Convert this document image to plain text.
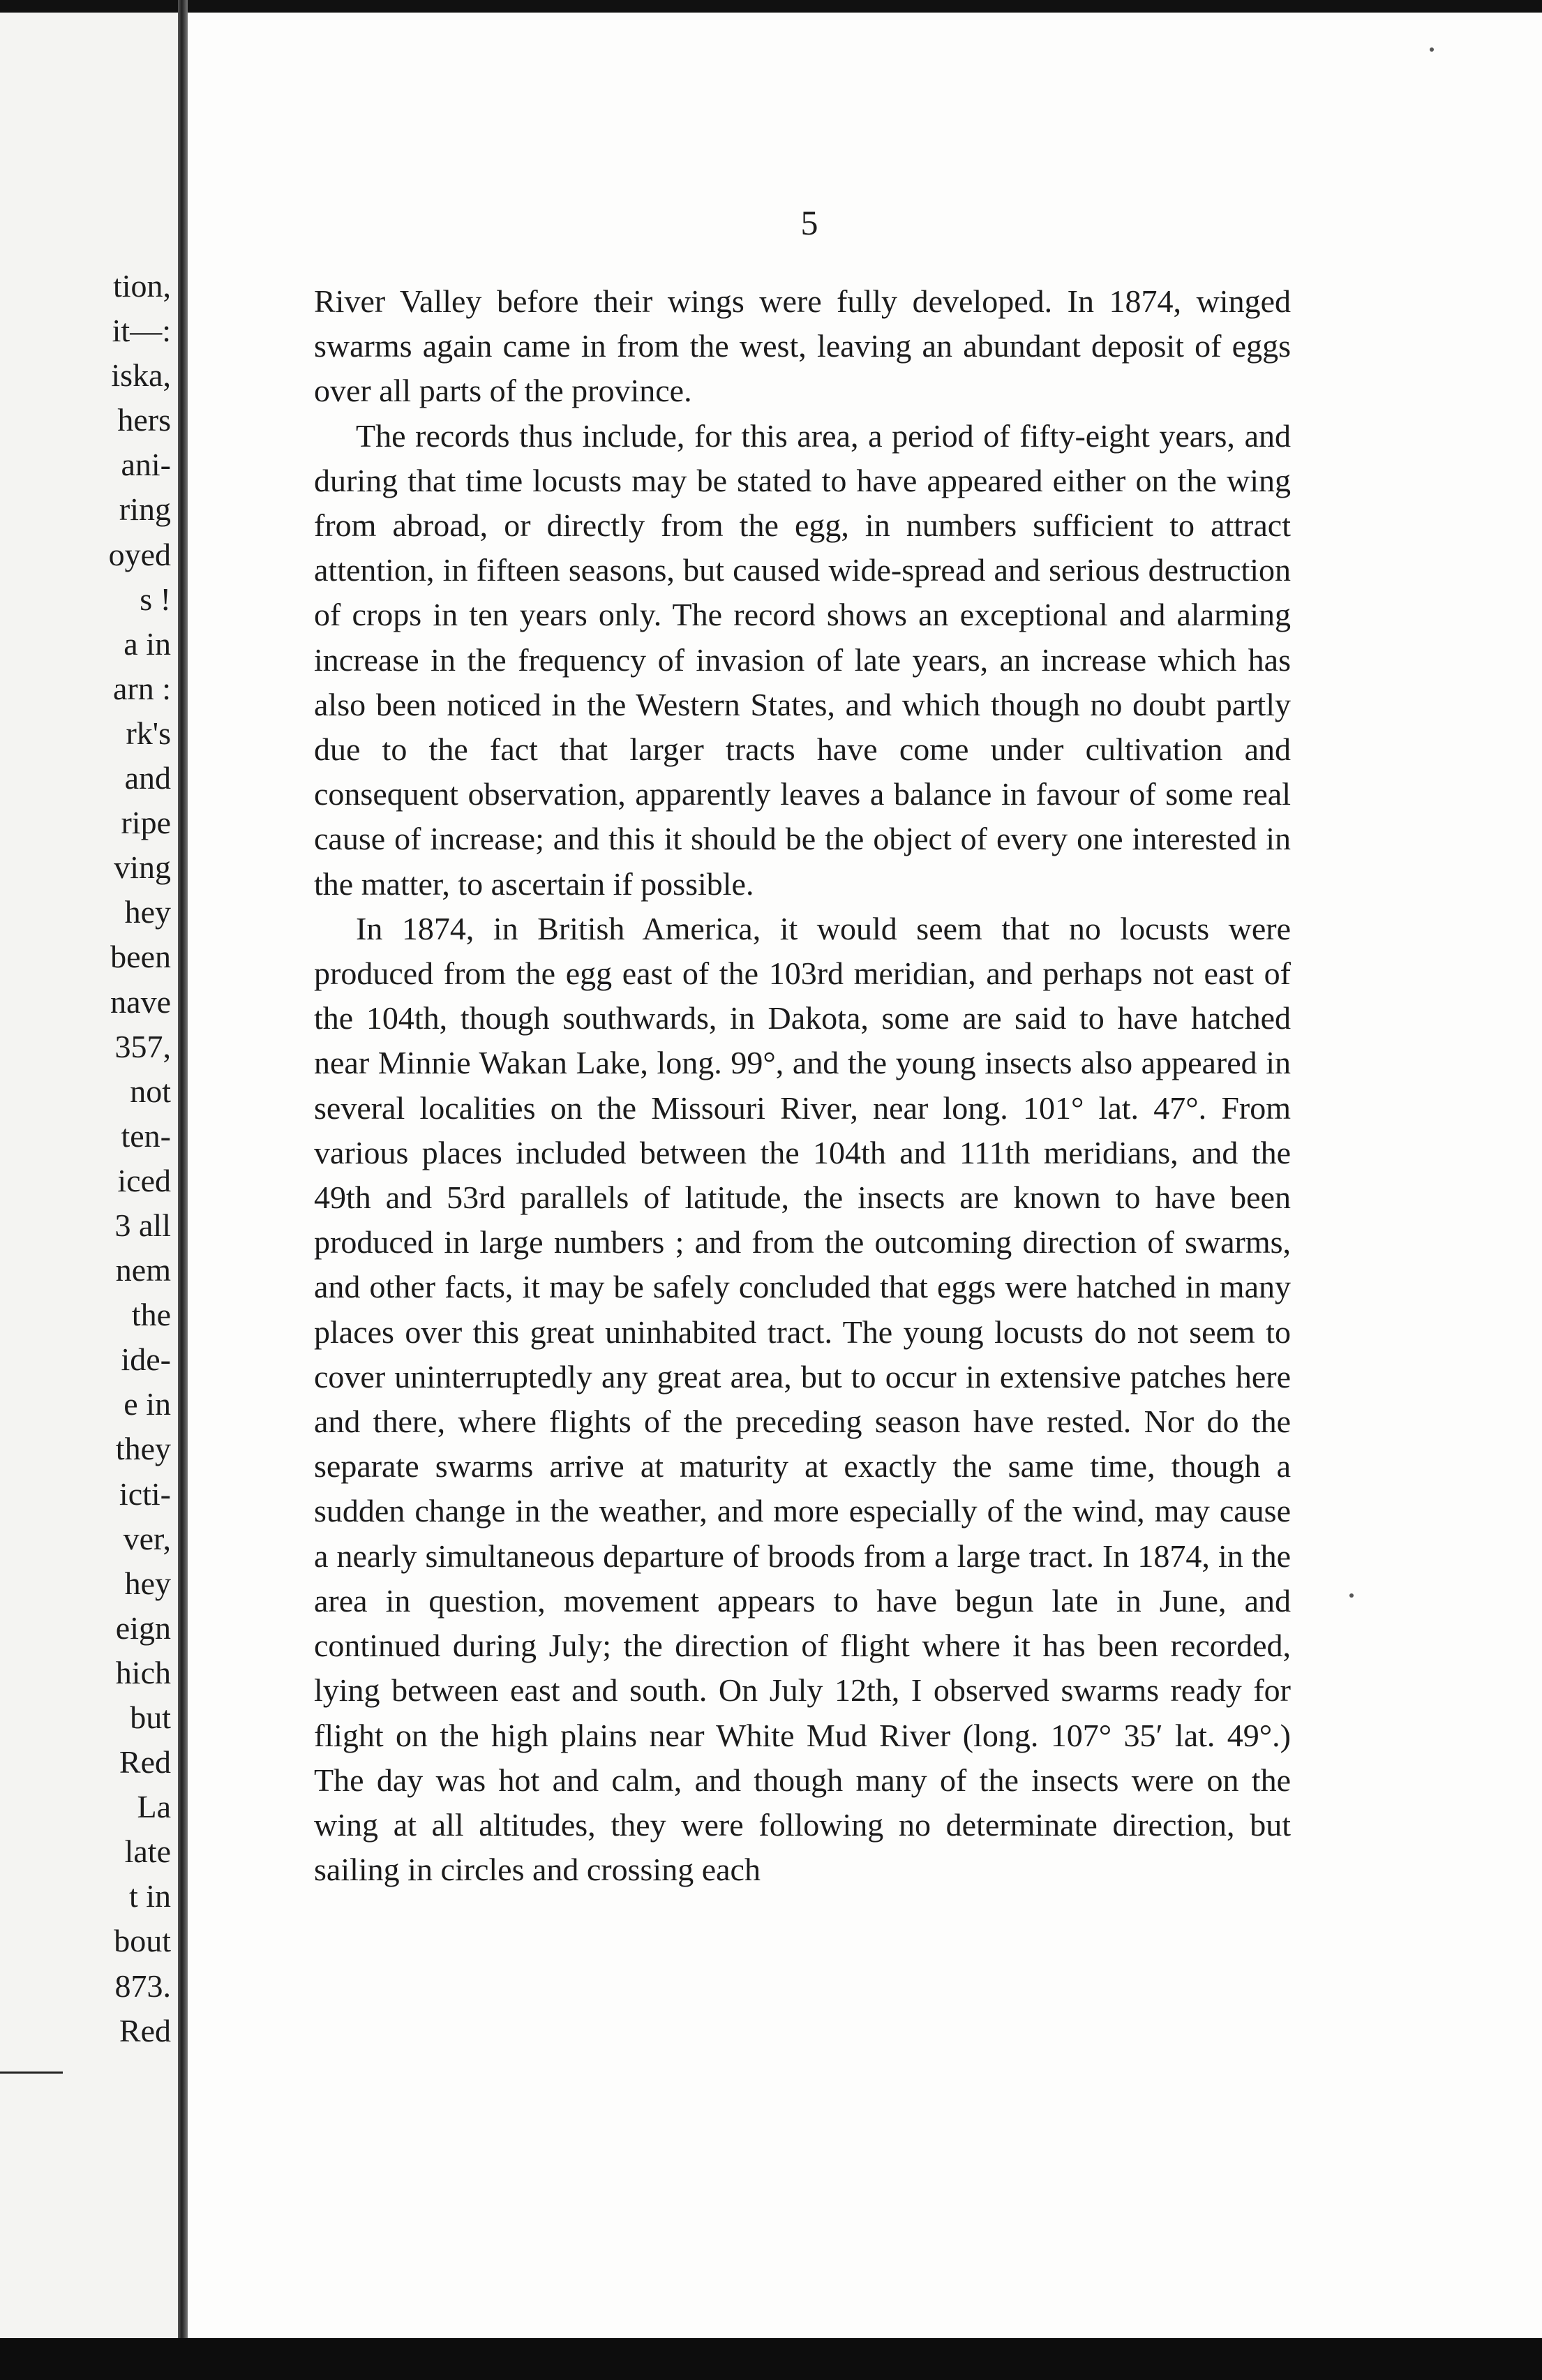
tion,
it—:
iska,
hers
ani-
ring
oyed
s !
a in
arn :
rk's
and
ripe
ving
hey
been
nave
357,
not
ten-
iced
3 all
nem
the
ide-
e in
they
icti-
ver,
hey
eign
hich
but
Red
La
late
t in
bout
873.
Red
5

River Valley before their wings were fully developed. In 1874, winged swarms again came in from the west, leaving an abundant deposit of eggs over all parts of the province.

The records thus include, for this area, a period of fifty-eight years, and during that time locusts may be stated to have appeared either on the wing from abroad, or directly from the egg, in numbers sufficient to attract attention, in fifteen seasons, but caused wide-spread and serious destruction of crops in ten years only. The record shows an exceptional and alarming increase in the frequency of invasion of late years, an increase which has also been noticed in the Western States, and which though no doubt partly due to the fact that larger tracts have come under cultivation and consequent observation, apparently leaves a balance in favour of some real cause of increase; and this it should be the object of every one interested in the matter, to ascertain if possible.

In 1874, in British America, it would seem that no locusts were produced from the egg east of the 103rd meridian, and perhaps not east of the 104th, though southwards, in Dakota, some are said to have hatched near Minnie Wakan Lake, long. 99°, and the young insects also appeared in several localities on the Missouri River, near long. 101° lat. 47°. From various places included between the 104th and 111th meridians, and the 49th and 53rd parallels of latitude, the insects are known to have been produced in large numbers ; and from the outcoming direction of swarms, and other facts, it may be safely concluded that eggs were hatched in many places over this great uninhabited tract. The young locusts do not seem to cover uninterruptedly any great area, but to occur in extensive patches here and there, where flights of the preceding season have rested. Nor do the separate swarms arrive at maturity at exactly the same time, though a sudden change in the weather, and more especially of the wind, may cause a nearly simultaneous departure of broods from a large tract. In 1874, in the area in question, movement appears to have begun late in June, and continued during July; the direction of flight where it has been recorded, lying between east and south. On July 12th, I observed swarms ready for flight on the high plains near White Mud River (long. 107° 35′ lat. 49°.) The day was hot and calm, and though many of the insects were on the wing at all altitudes, they were following no determinate direction, but sailing in circles and crossing each
